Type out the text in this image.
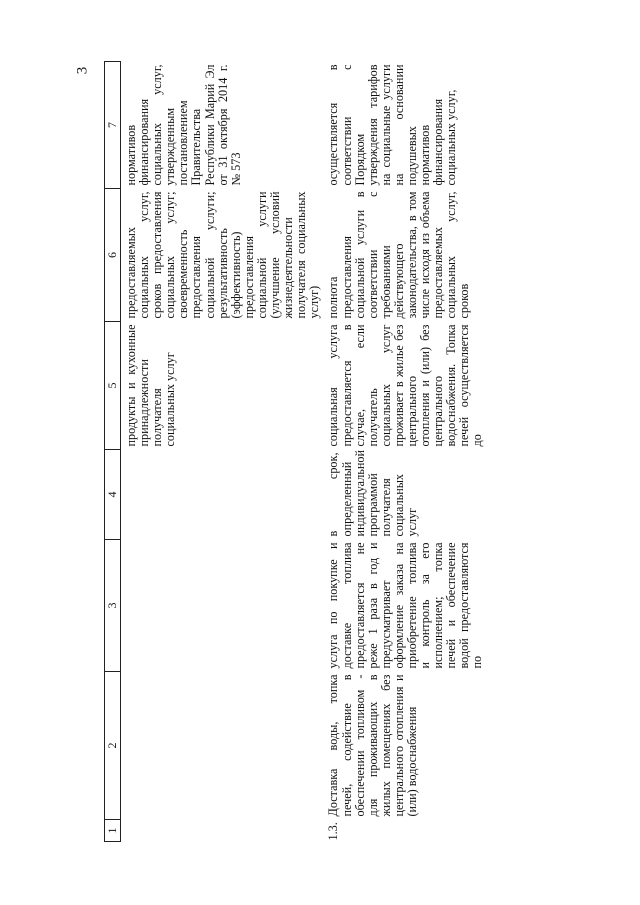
3
1	2	3	4	5	6	7
				продукты и кухонные принадлежности получателя социальных услуг	предоставляемых социальных услуг, сроков предоставления социальных услуг; своевременность предоставления социальной услуги; результативность (эффективность) предоставления социальной услуги (улучшение условий жизнедеятельности получателя социальных услуг)	нормативов финансирования социальных услуг, утвержденным постановлением Правительства Республики Марий Эл от 31 октября 2014 г. № 573
1.3.	Доставка воды, топка печей, содействие в обеспечении топливом - для проживающих в жилых помещениях без центрального отопления и (или) водоснабжения	услуга по покупке и доставке топлива предоставляется не реже 1 раза в год и предусматривает оформление заказа на приобретение топлива и контроль за его исполнением; топка печей и обеспечение водой предоставляются по	в срок, определенный индивидуальной программой получателя социальных услуг	социальная услуга предоставляется в случае, если получатель социальных услуг проживает в жилье без центрального отопления и (или) без центрального водоснабжения. Топка печей осуществляется до	полнота предоставления социальной услуги в соответствии с требованиями действующего законодательства, в том числе исходя из объема предоставляемых социальных услуг, сроков	осуществляется в соответствии с Порядком утверждения тарифов на социальные услуги на основании подушевых нормативов финансирования социальных услуг,
